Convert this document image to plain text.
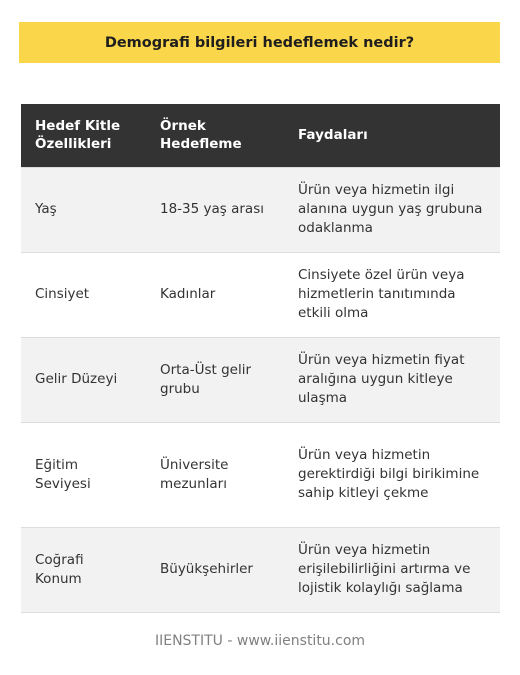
Demografi bilgileri hedeflemek nedir?
Hedef Kitle Özellikleri	Örnek Hedefleme	Faydaları
Yaş	18-35 yaş arası	Ürün veya hizmetin ilgi alanına uygun yaş grubuna odaklanma
Cinsiyet	Kadınlar	Cinsiyete özel ürün veya hizmetlerin tanıtımında etkili olma
Gelir Düzeyi	Orta-Üst gelir grubu	Ürün veya hizmetin fiyat aralığına uygun kitleye ulaşma
Eğitim Seviyesi	Üniversite mezunları	Ürün veya hizmetin gerektirdiği bilgi birikimine sahip kitleyi çekme
Coğrafi Konum	Büyükşehirler	Ürün veya hizmetin erişilebilirliğini artırma ve lojistik kolaylığı sağlama
IIENSTITU - www.iienstitu.com
